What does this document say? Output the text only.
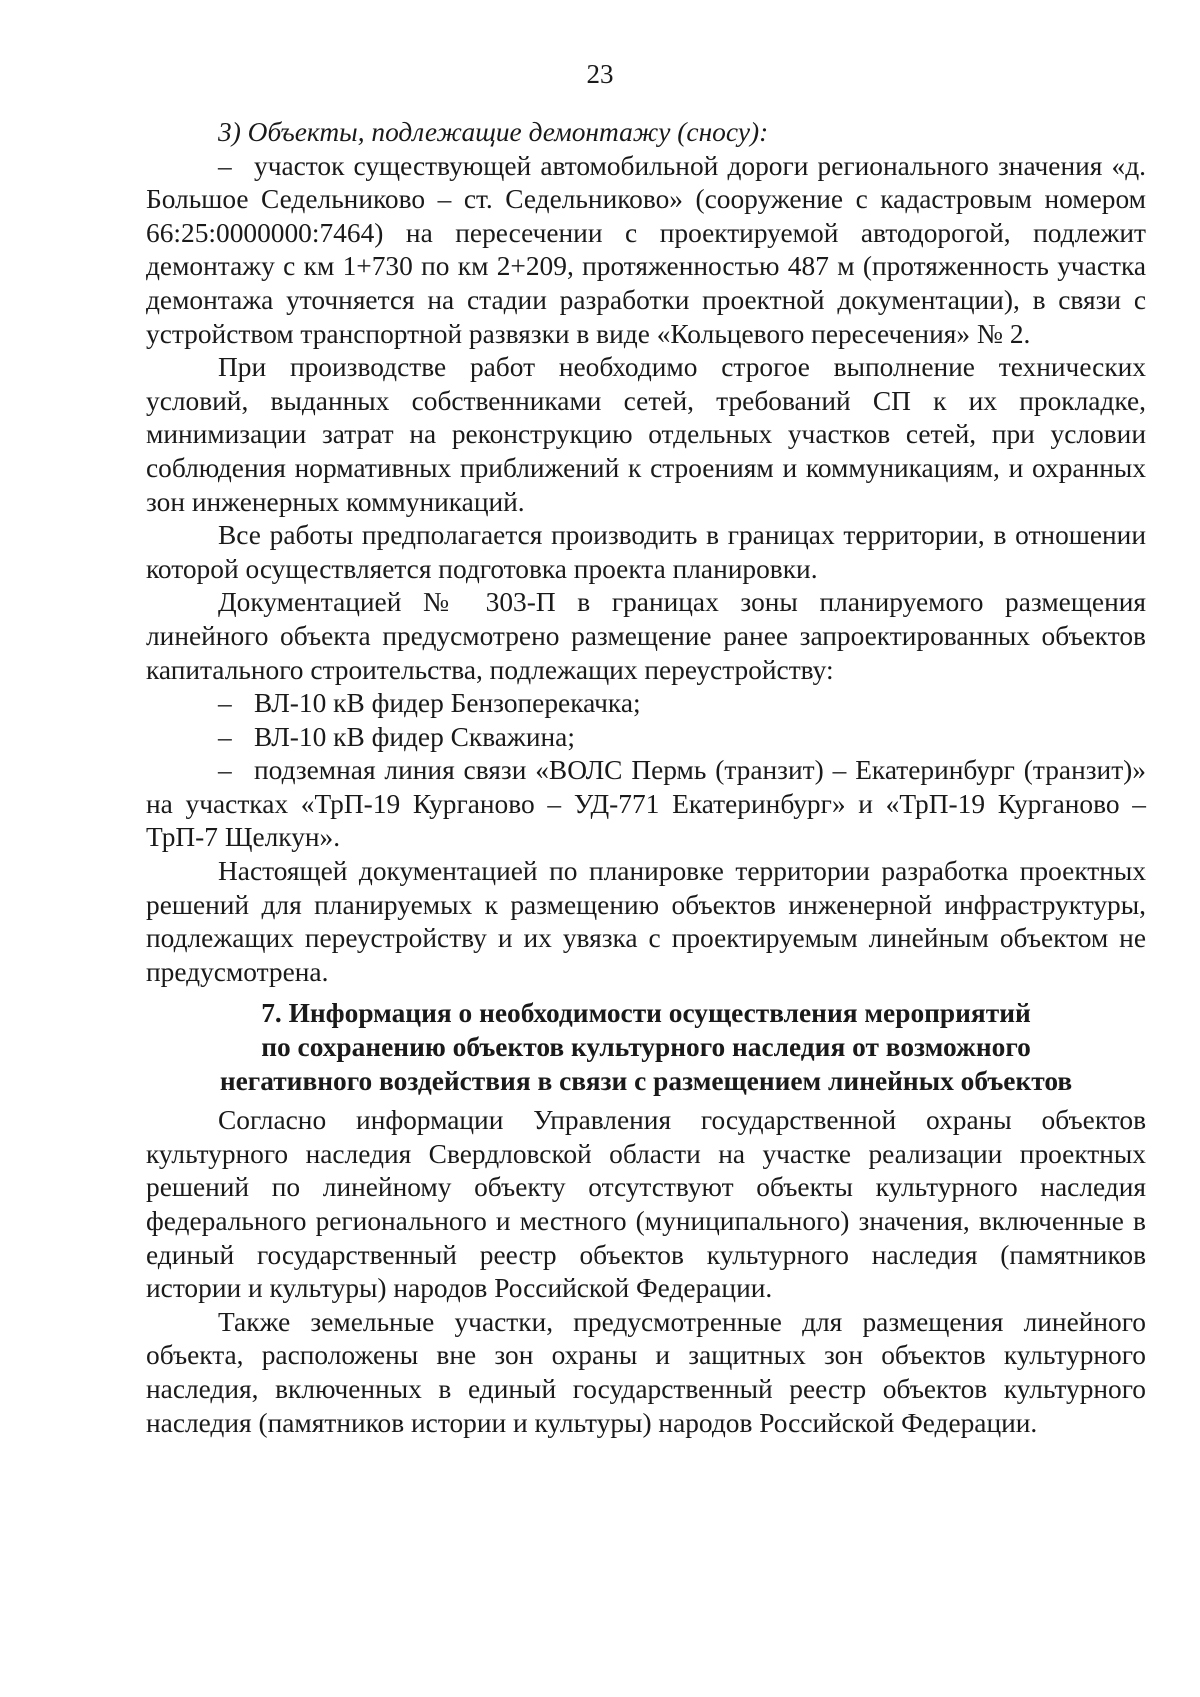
23

3) Объекты, подлежащие демонтажу (сносу):

– участок существующей автомобильной дороги регионального значения «д. Большое Седельниково – ст. Седельниково» (сооружение с кадастровым номером 66:25:0000000:7464) на пересечении с проектируемой автодорогой, подлежит демонтажу с км 1+730 по км 2+209, протяженностью 487 м (протяженность участка демонтажа уточняется на стадии разработки проектной документации), в связи с устройством транспортной развязки в виде «Кольцевого пересечения» № 2.

При производстве работ необходимо строгое выполнение технических условий, выданных собственниками сетей, требований СП к их прокладке, минимизации затрат на реконструкцию отдельных участков сетей, при условии соблюдения нормативных приближений к строениям и коммуникациям, и охранных зон инженерных коммуникаций.

Все работы предполагается производить в границах территории, в отношении которой осуществляется подготовка проекта планировки.

Документацией № 303-П в границах зоны планируемого размещения линейного объекта предусмотрено размещение ранее запроектированных объектов капитального строительства, подлежащих переустройству:

– ВЛ-10 кВ фидер Бензоперекачка;

– ВЛ-10 кВ фидер Скважина;

– подземная линия связи «ВОЛС Пермь (транзит) – Екатеринбург (транзит)» на участках «ТрП-19 Курганово – УД-771 Екатеринбург» и «ТрП-19 Курганово – ТрП-7 Щелкун».

Настоящей документацией по планировке территории разработка проектных решений для планируемых к размещению объектов инженерной инфраструктуры, подлежащих переустройству и их увязка с проектируемым линейным объектом не предусмотрена.

7. Информация о необходимости осуществления мероприятий
по сохранению объектов культурного наследия от возможного
негативного воздействия в связи с размещением линейных объектов

Согласно информации Управления государственной охраны объектов культурного наследия Свердловской области на участке реализации проектных решений по линейному объекту отсутствуют объекты культурного наследия федерального регионального и местного (муниципального) значения, включенные в единый государственный реестр объектов культурного наследия (памятников истории и культуры) народов Российской Федерации.

Также земельные участки, предусмотренные для размещения линейного объекта, расположены вне зон охраны и защитных зон объектов культурного наследия, включенных в единый государственный реестр объектов культурного наследия (памятников истории и культуры) народов Российской Федерации.
